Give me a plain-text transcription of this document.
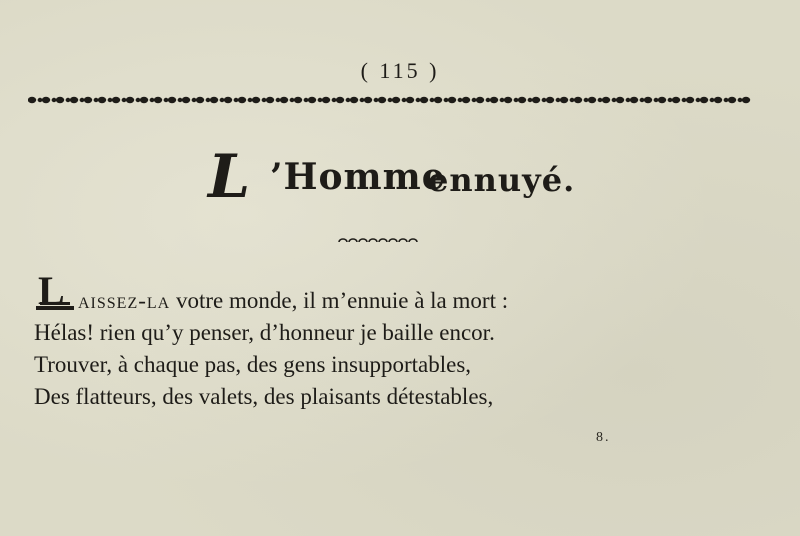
( 115 )
L ’Homme
ennuyé.
L aissez-la votre monde, il m’ennuie à la mort :
Hélas! rien qu’y penser, d’honneur je baille encor.
Trouver, à chaque pas, des gens insupportables,
Des flatteurs, des valets, des plaisants détestables,
8.
